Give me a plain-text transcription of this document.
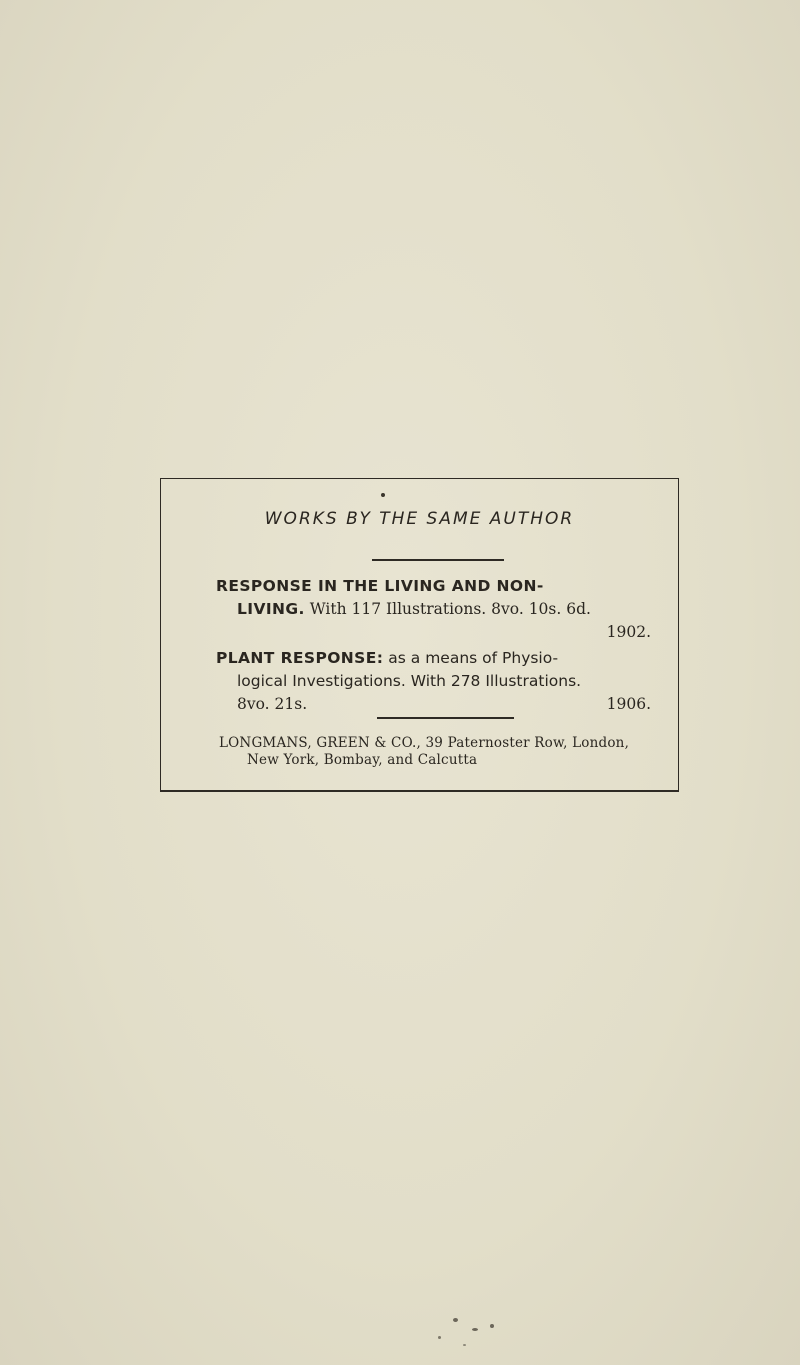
WORKS BY THE SAME AUTHOR
RESPONSE IN THE LIVING AND NON-
LIVING. With 117 Illustrations. 8vo. 10s. 6d.
1902.
PLANT RESPONSE: as a means of Physio-
logical Investigations. With 278 Illustrations.
8vo. 21s.	1906.
LONGMANS, GREEN & CO., 39 Paternoster Row, London,
New York, Bombay, and Calcutta
